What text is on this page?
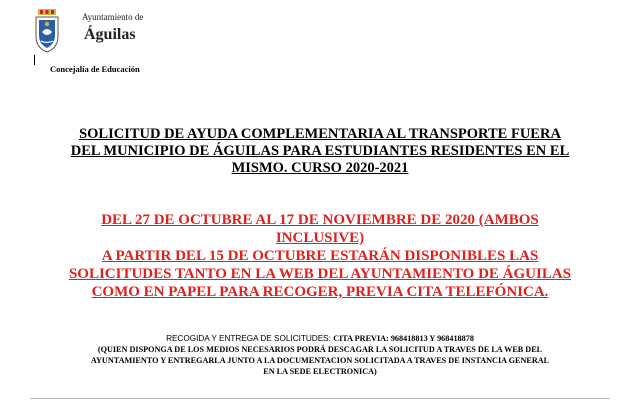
Ayuntamiento de
Águilas
Concejalía de Educación
SOLICITUD DE AYUDA COMPLEMENTARIA AL TRANSPORTE FUERA
DEL MUNICIPIO DE ÁGUILAS PARA ESTUDIANTES RESIDENTES EN EL
MISMO. CURSO 2020-2021
DEL 27 DE OCTUBRE AL 17 DE NOVIEMBRE DE 2020 (AMBOS
INCLUSIVE)
A PARTIR DEL 15 DE OCTUBRE ESTARÁN DISPONIBLES LAS
SOLICITUDES TANTO EN LA WEB DEL AYUNTAMIENTO DE ÁGUILAS
COMO EN PAPEL PARA RECOGER, PREVIA CITA TELEFÓNICA.
RECOGIDA Y ENTREGA DE SOLICITUDES: CITA PREVIA: 968418813 Y 968418878
(QUIEN DISPONGA DE LOS MEDIOS NECESARIOS PODRÁ DESCAGAR LA SOLICITUD A TRAVES DE LA WEB DEL
AYUNTAMIENTO Y ENTREGARLA JUNTO A LA DOCUMENTACION SOLICITADA A TRAVES DE INSTANCIA GENERAL
EN LA SEDE ELECTRONICA)
